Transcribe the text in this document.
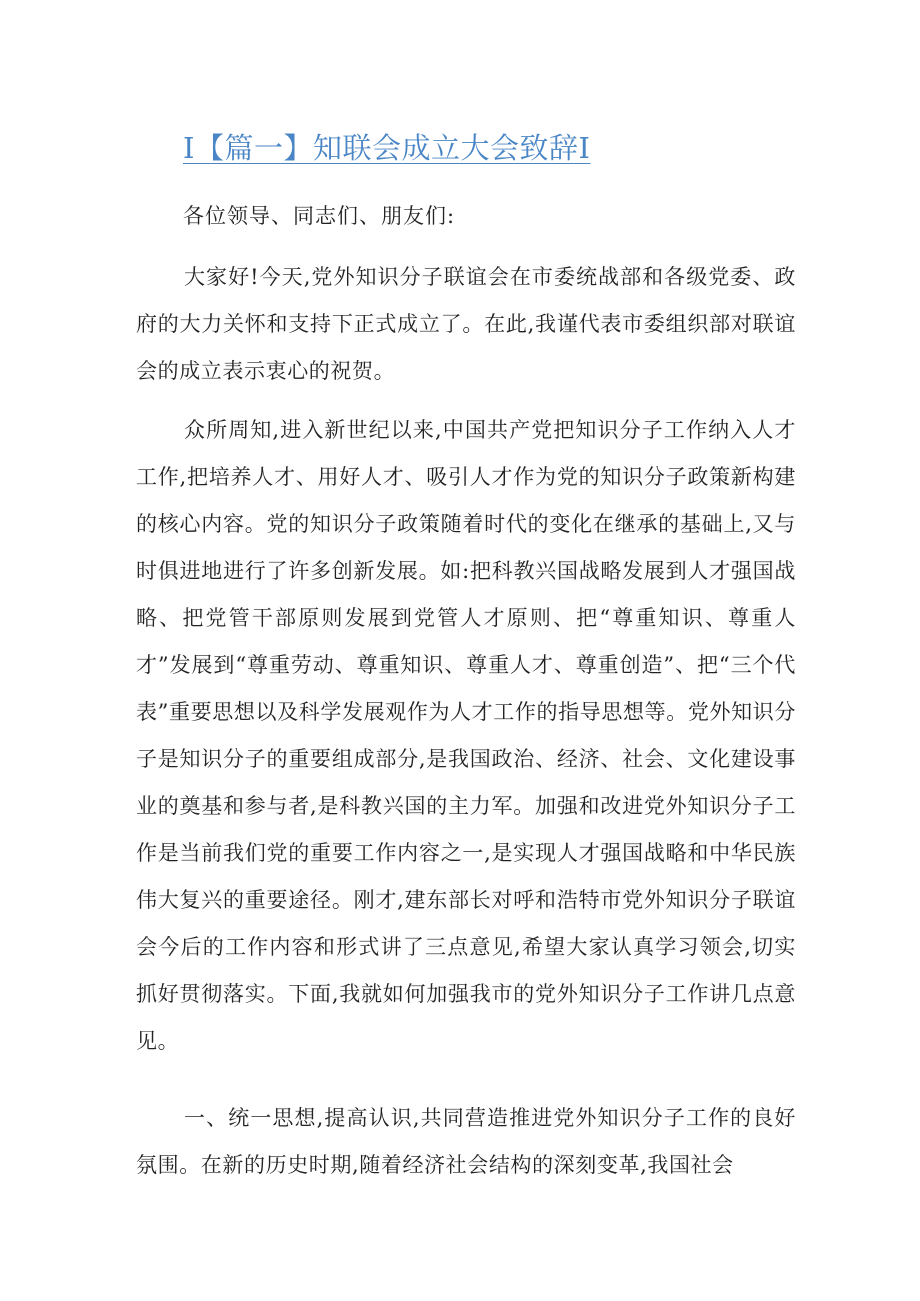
I【篇一】知联会成立大会致辞I

各位领导、同志们、朋友们:

大家好!今天,党外知识分子联谊会在市委统战部和各级党委、政府的大力关怀和支持下正式成立了。在此,我谨代表市委组织部对联谊会的成立表示衷心的祝贺。

众所周知,进入新世纪以来,中国共产党把知识分子工作纳入人才工作,把培养人才、用好人才、吸引人才作为党的知识分子政策新构建的核心内容。党的知识分子政策随着时代的变化在继承的基础上,又与时俱进地进行了许多创新发展。如:把科教兴国战略发展到人才强国战略、把党管干部原则发展到党管人才原则、把“尊重知识、尊重人才”发展到“尊重劳动、尊重知识、尊重人才、尊重创造”、把“三个代表”重要思想以及科学发展观作为人才工作的指导思想等。党外知识分子是知识分子的重要组成部分,是我国政治、经济、社会、文化建设事业的奠基和参与者,是科教兴国的主力军。加强和改进党外知识分子工作是当前我们党的重要工作内容之一,是实现人才强国战略和中华民族伟大复兴的重要途径。刚才,建东部长对呼和浩特市党外知识分子联谊会今后的工作内容和形式讲了三点意见,希望大家认真学习领会,切实抓好贯彻落实。下面,我就如何加强我市的党外知识分子工作讲几点意见。

一、统一思想,提高认识,共同营造推进党外知识分子工作的良好氛围。在新的历史时期,随着经济社会结构的深刻变革,我国社会
